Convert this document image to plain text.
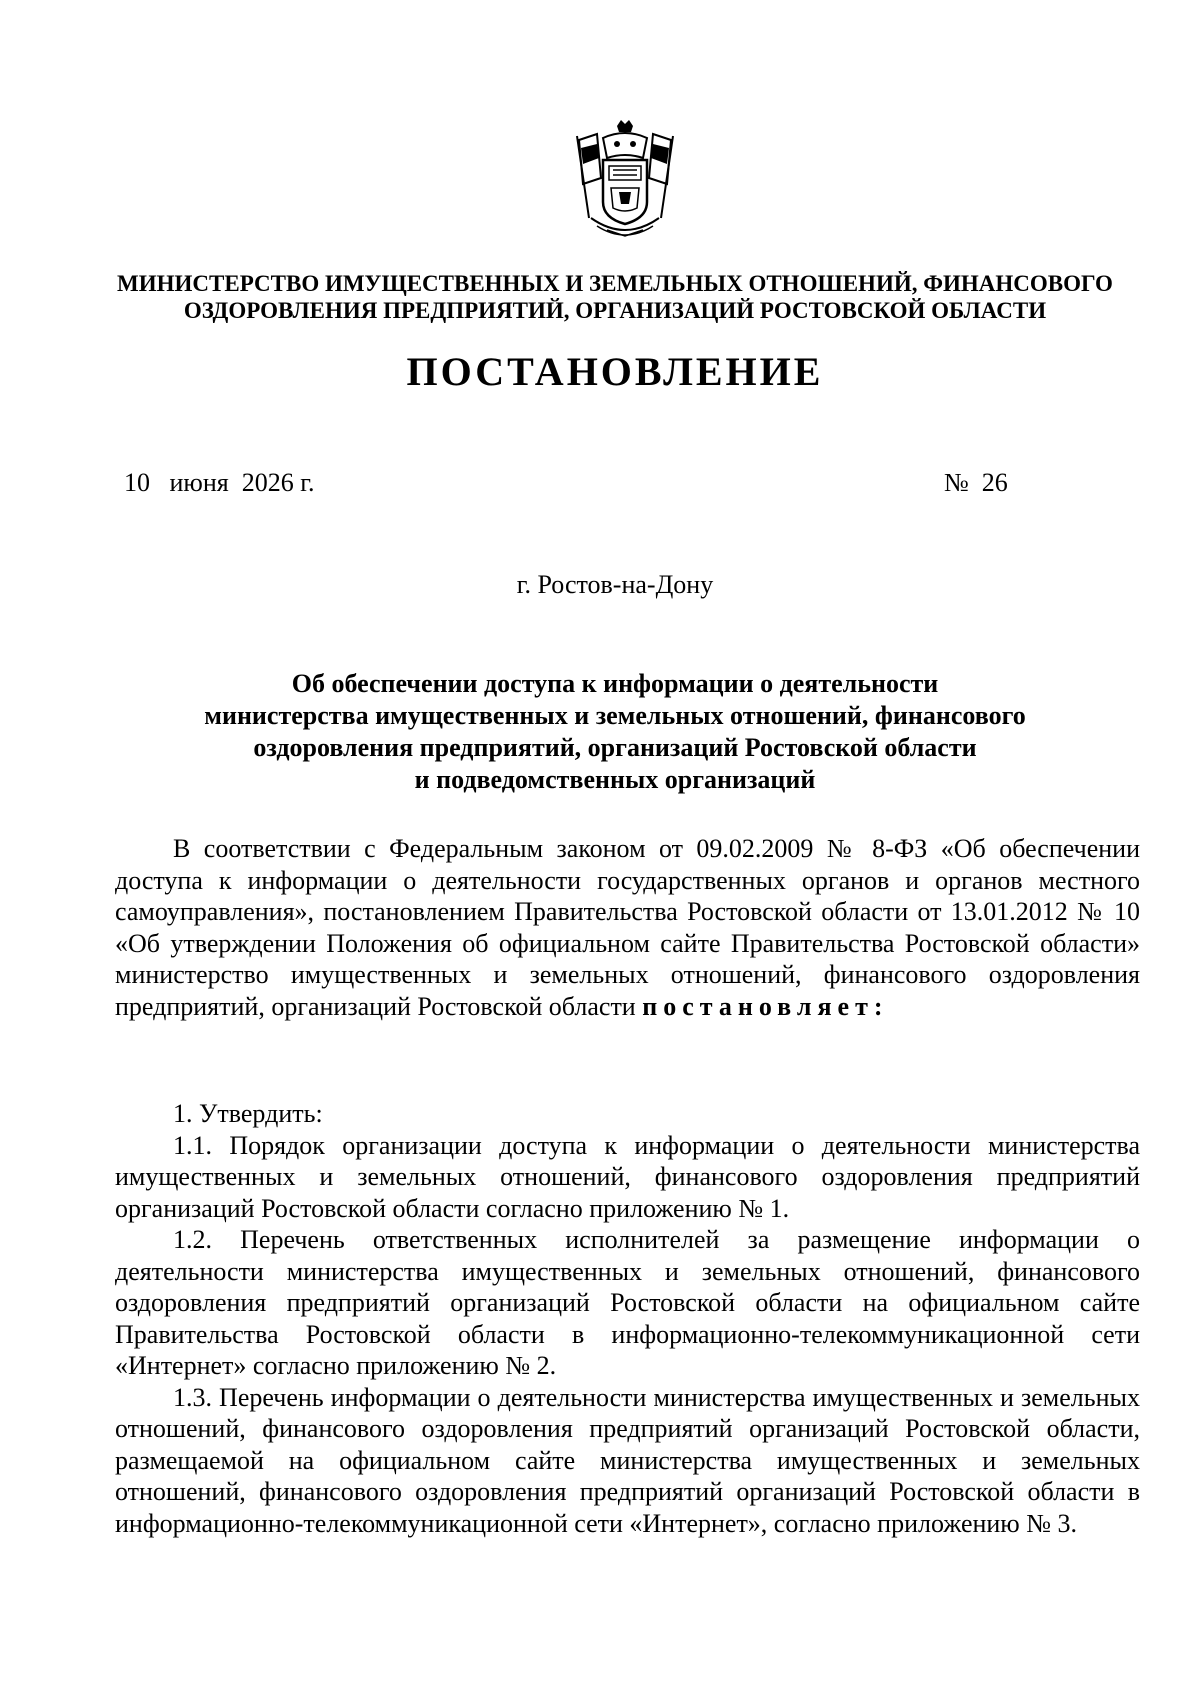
МИНИСТЕРСТВО ИМУЩЕСТВЕННЫХ И ЗЕМЕЛЬНЫХ ОТНОШЕНИЙ, ФИНАНСОВОГО
ОЗДОРОВЛЕНИЯ ПРЕДПРИЯТИЙ, ОРГАНИЗАЦИЙ РОСТОВСКОЙ ОБЛАСТИ
ПОСТАНОВЛЕНИЕ
10   июня  2026 г.	№  26
г. Ростов-на-Дону
Об обеспечении доступа к информации о деятельности
министерства имущественных и земельных отношений, финансового
оздоровления предприятий, организаций Ростовской области
и подведомственных организаций

В соответствии с Федеральным законом от 09.02.2009 № 8-ФЗ «Об обеспечении доступа к информации о деятельности государственных органов и органов местного самоуправления», постановлением Правительства Ростовской области от 13.01.2012 № 10 «Об утверждении Положения об официальном сайте Правительства Ростовской области» министерство имущественных и земельных отношений, финансового оздоровления предприятий, организаций Ростовской области постановляет:

1. Утвердить:

1.1. Порядок организации доступа к информации о деятельности министерства имущественных и земельных отношений, финансового оздоровления предприятий организаций Ростовской области согласно приложению № 1.

1.2. Перечень ответственных исполнителей за размещение информации о деятельности министерства имущественных и земельных отношений, финансового оздоровления предприятий организаций Ростовской области на официальном сайте Правительства Ростовской области в информационно-телекоммуникационной сети «Интернет» согласно приложению № 2.

1.3. Перечень информации о деятельности министерства имущественных и земельных отношений, финансового оздоровления предприятий организаций Ростовской области, размещаемой на официальном сайте министерства имущественных и земельных отношений, финансового оздоровления предприятий организаций Ростовской области в информационно-телекоммуникационной сети «Интернет», согласно приложению № 3.
